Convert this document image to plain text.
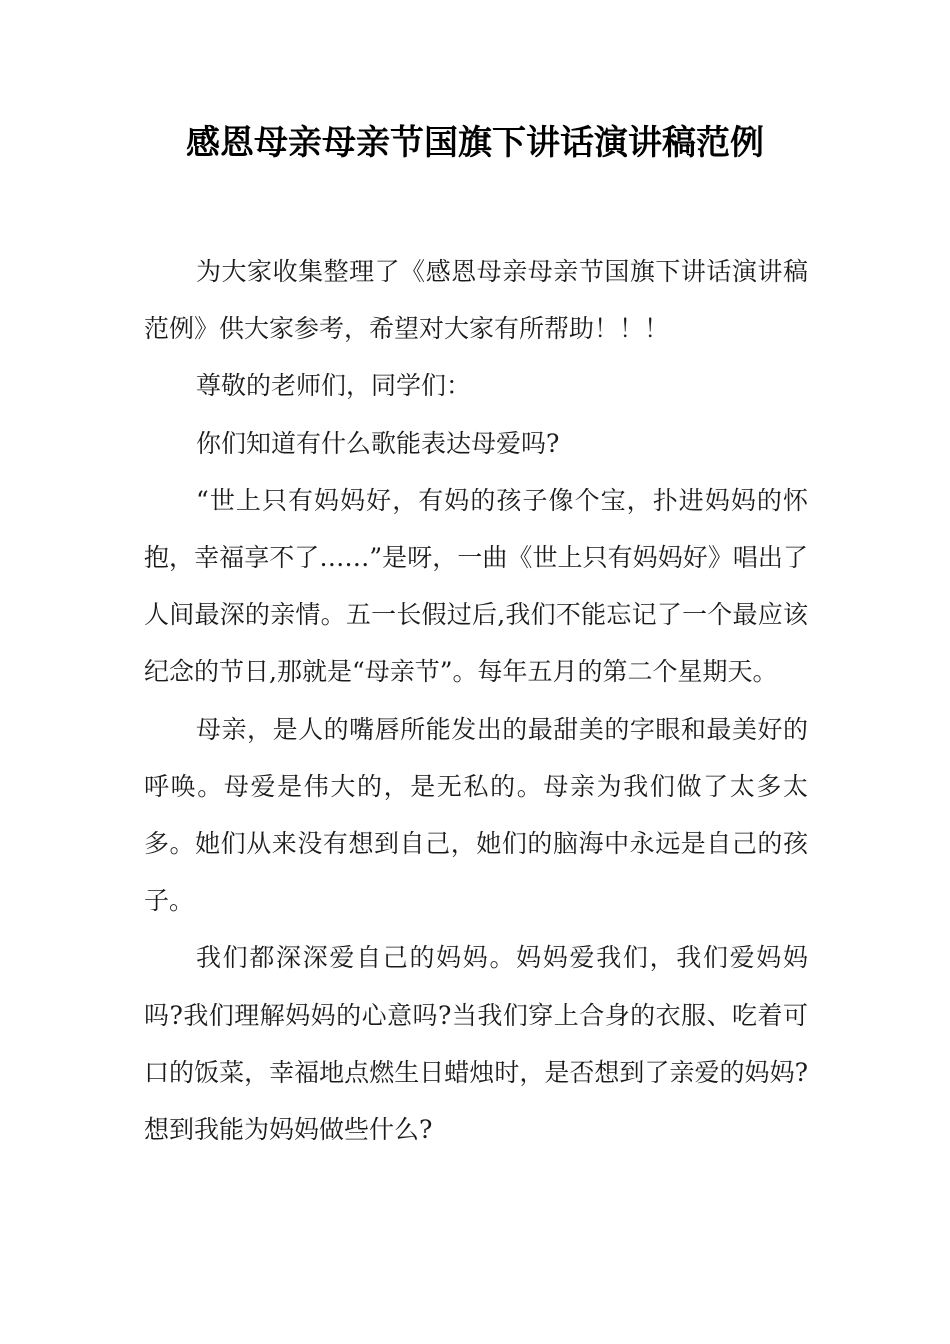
感恩母亲母亲节国旗下讲话演讲稿范例

为大家收集整理了《感恩母亲母亲节国旗下讲话演讲稿范例》供大家参考，希望对大家有所帮助！！！

尊敬的老师们，同学们：

你们知道有什么歌能表达母爱吗?

“世上只有妈妈好，有妈的孩子像个宝，扑进妈妈的怀抱，幸福享不了……”是呀，一曲《世上只有妈妈好》唱出了人间最深的亲情。五一长假过后,我们不能忘记了一个最应该纪念的节日,那就是“母亲节”。每年五月的第二个星期天。

母亲，是人的嘴唇所能发出的最甜美的字眼和最美好的呼唤。母爱是伟大的，是无私的。母亲为我们做了太多太多。她们从来没有想到自己，她们的脑海中永远是自己的孩子。

我们都深深爱自己的妈妈。妈妈爱我们，我们爱妈妈吗?我们理解妈妈的心意吗?当我们穿上合身的衣服、吃着可口的饭菜，幸福地点燃生日蜡烛时，是否想到了亲爱的妈妈?想到我能为妈妈做些什么?
